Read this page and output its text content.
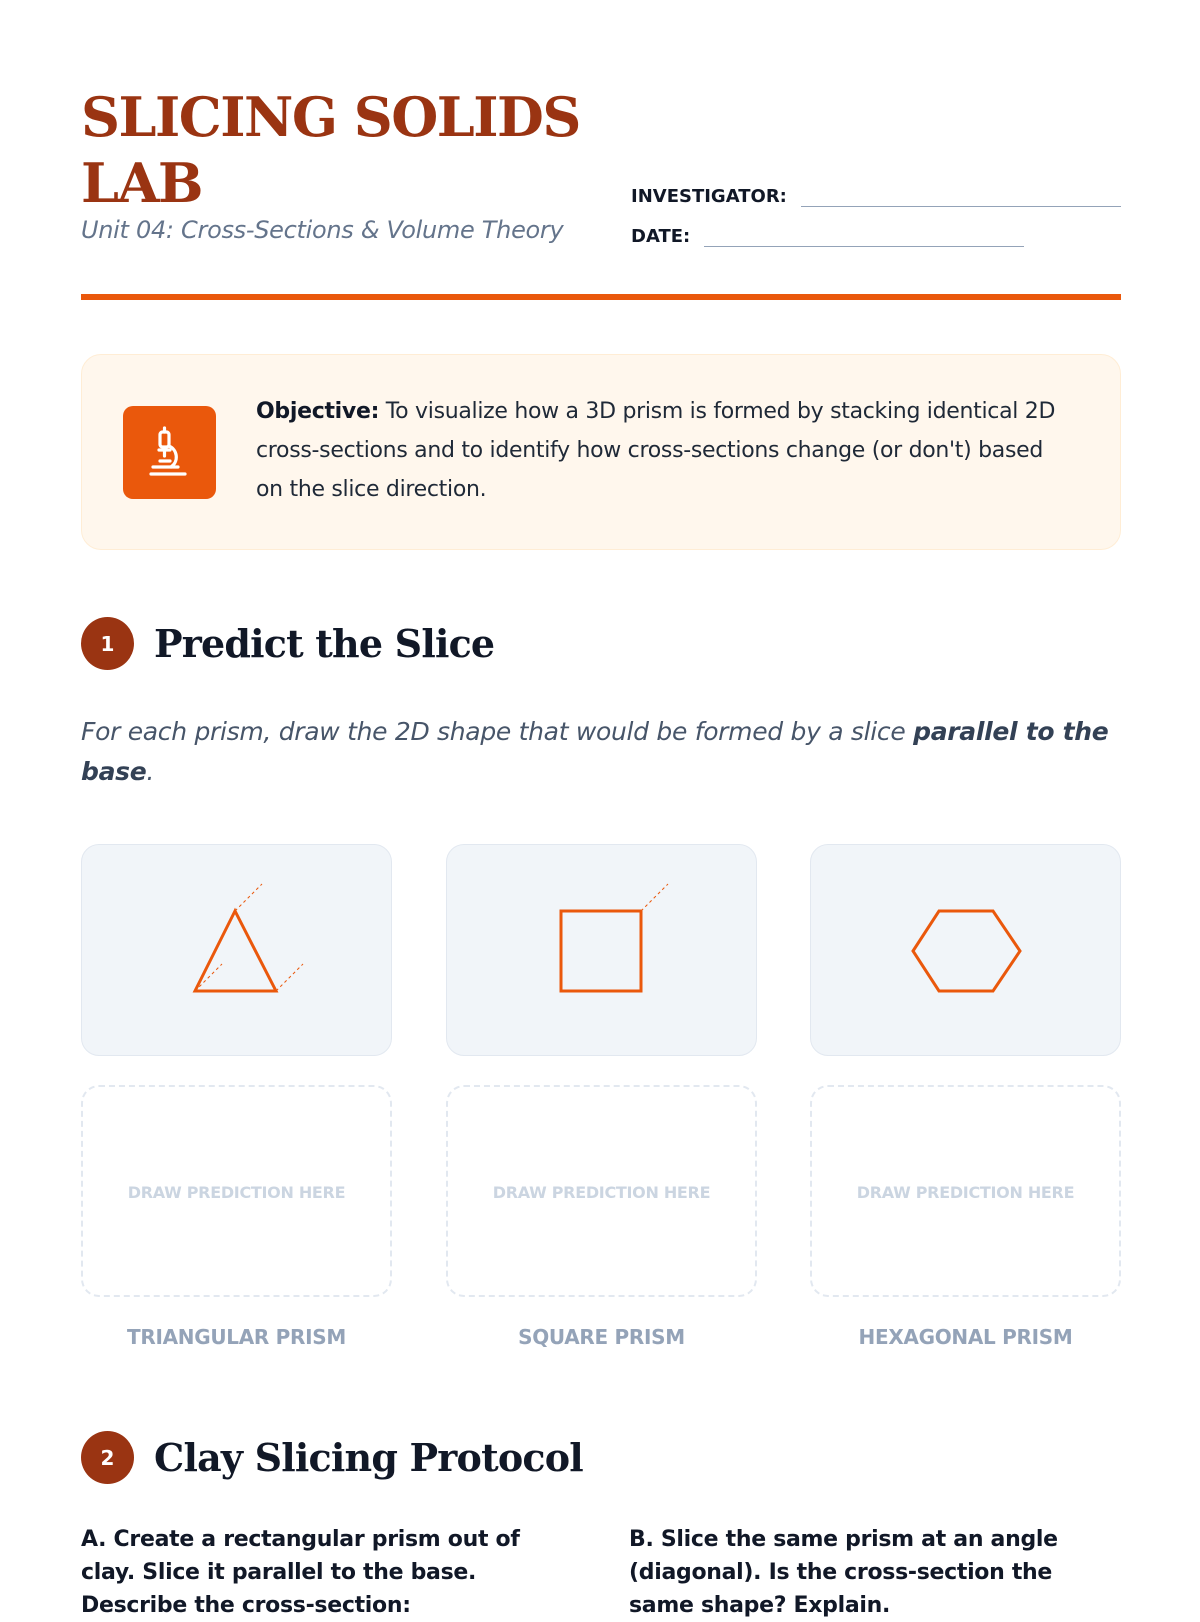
SLICING SOLIDS LAB
Unit 04: Cross-Sections & Volume Theory
INVESTIGATOR:
DATE:

Objective: To visualize how a 3D prism is formed by stacking identical 2D cross-sections and to identify how cross-sections change (or don't) based on the slice direction.

1	Predict the Slice

For each prism, draw the 2D shape that would be formed by a slice parallel to the base.

DRAW PREDICTION HERE	DRAW PREDICTION HERE	DRAW PREDICTION HERE
TRIANGULAR PRISM	SQUARE PRISM	HEXAGONAL PRISM
2	Clay Slicing Protocol

A. Create a rectangular prism out of clay. Slice it parallel to the base. Describe the cross-section:

B. Slice the same prism at an angle (diagonal). Is the cross-section the same shape? Explain.
